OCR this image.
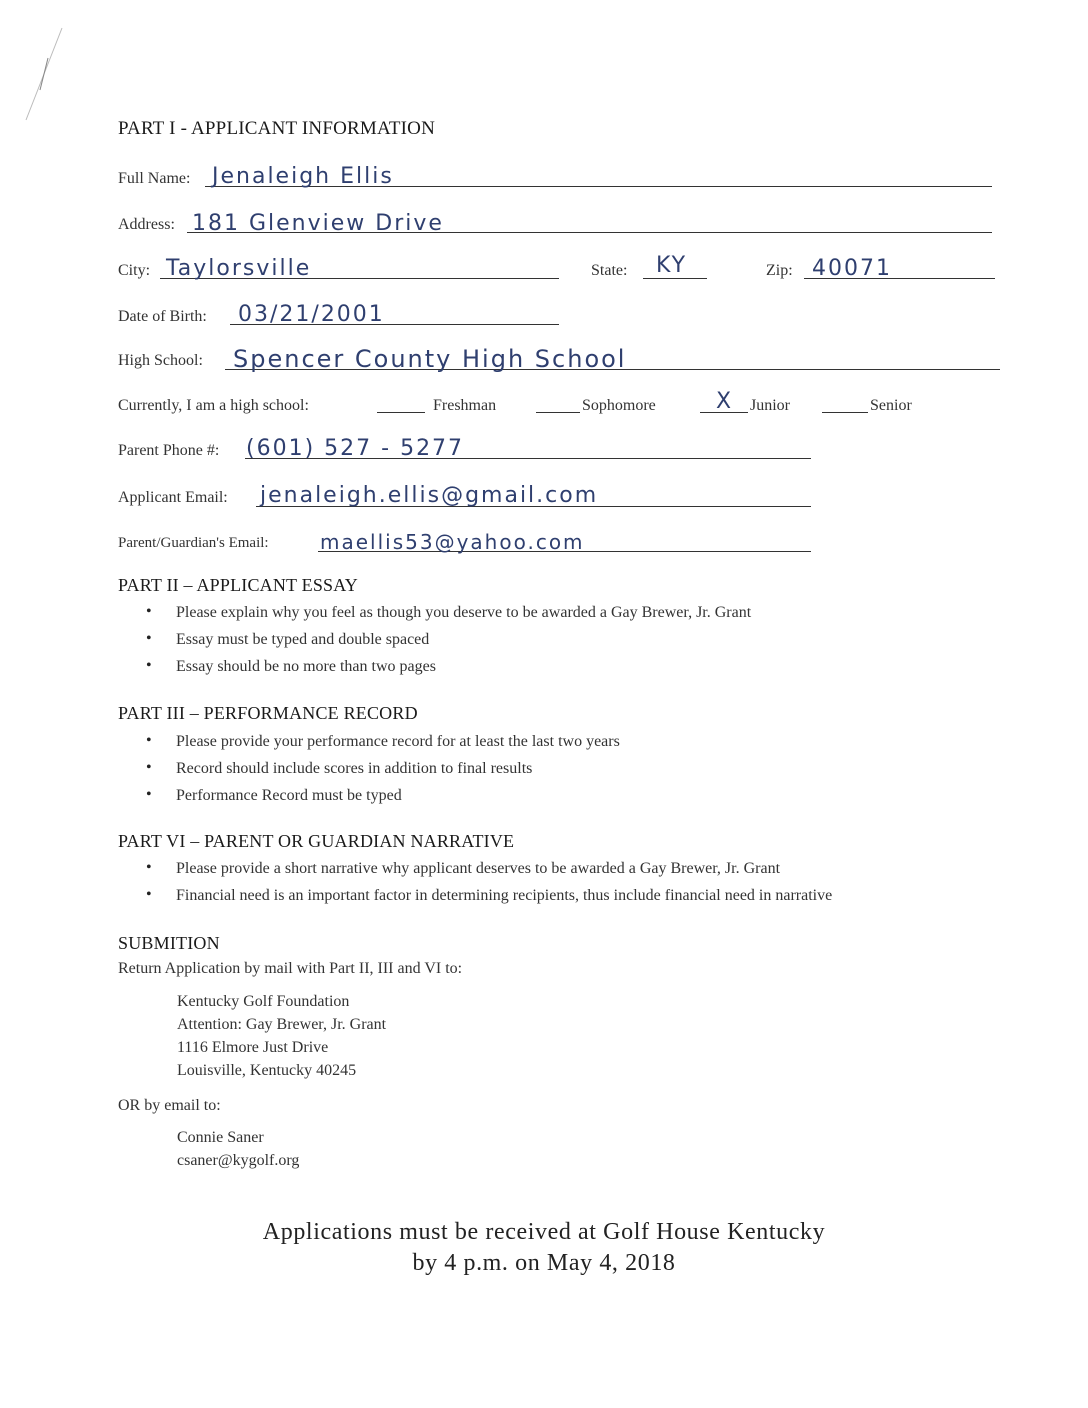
PART I - APPLICANT INFORMATION
Full Name: Jenaleigh Ellis
Address: 181 Glenview Drive
City: Taylorsville	State: KY	Zip: 40071
Date of Birth: 03/21/2001
High School: Spencer County High School
Currently, I am a high school:	Freshman	Sophomore	X Junior	Senior
Parent Phone #: (601) 527 - 5277
Applicant Email: jenaleigh.ellis@gmail.com
Parent/Guardian's Email:	maellis53@yahoo.com
PART II – APPLICANT ESSAY
• Please explain why you feel as though you deserve to be awarded a Gay Brewer, Jr. Grant
• Essay must be typed and double spaced
• Essay should be no more than two pages
PART III – PERFORMANCE RECORD
• Please provide your performance record for at least the last two years
• Record should include scores in addition to final results
• Performance Record must be typed
PART VI – PARENT OR GUARDIAN NARRATIVE
• Please provide a short narrative why applicant deserves to be awarded a Gay Brewer, Jr. Grant
• Financial need is an important factor in determining recipients, thus include financial need in narrative
SUBMITION
Return Application by mail with Part II, III and VI to:
Kentucky Golf Foundation
Attention: Gay Brewer, Jr. Grant
1116 Elmore Just Drive
Louisville, Kentucky 40245
OR by email to:
Connie Saner
csaner@kygolf.org
Applications must be received at Golf House Kentucky
by 4 p.m. on May 4, 2018
